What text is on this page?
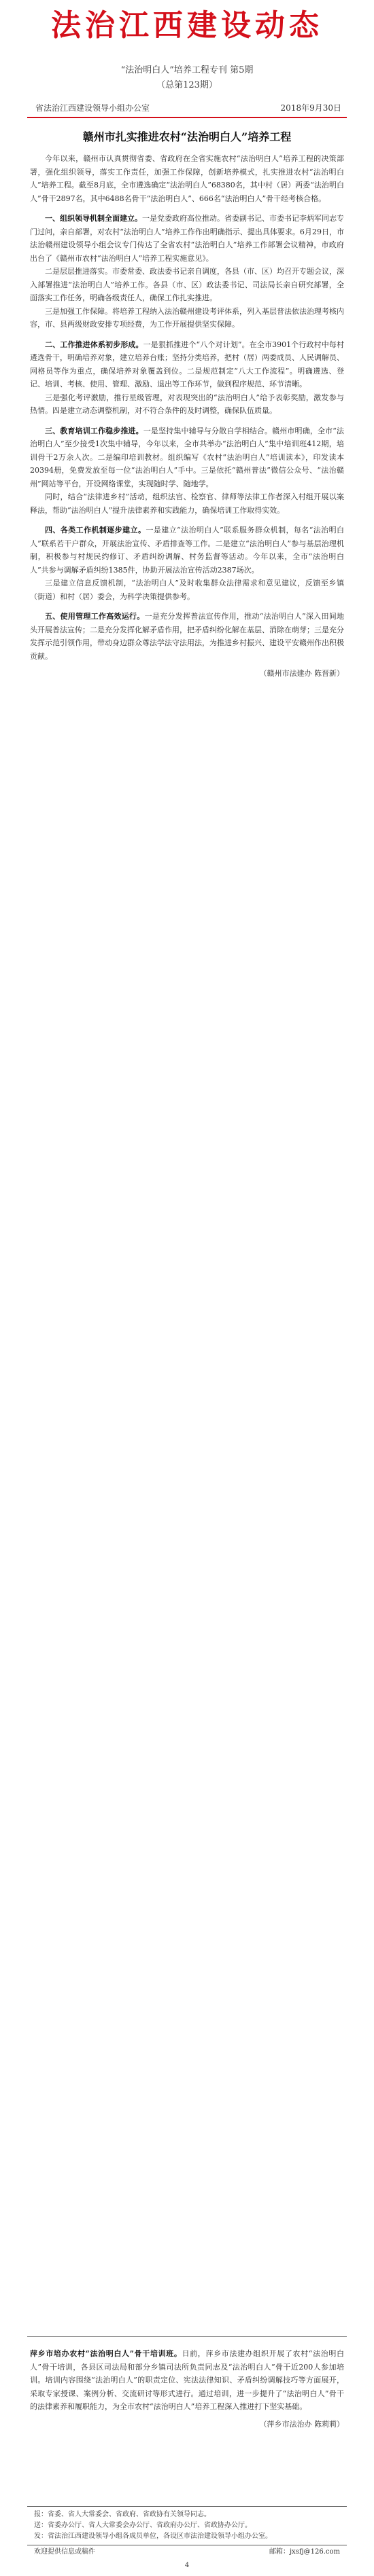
法治江西建设动态
“法治明白人”培养工程专刊 第5期
（总第123期）
省法治江西建设领导小组办公室	2018年9月30日
赣州市扎实推进农村“法治明白人”培养工程

今年以来，赣州市认真贯彻省委、省政府在全省实施农村“法治明白人”培养工程的决策部署，强化组织领导，落实工作责任，加强工作保障，创新培养模式，扎实推进农村“法治明白人”培养工程。截至8月底，全市遴选确定“法治明白人”68380名，其中村（居）两委“法治明白人”骨干2897名，其中6488名骨干“法治明白人”、666名“法治明白人”骨干经考核合格。

一、组织领导机制全面建立。一是党委政府高位推动。省委副书记、市委书记李炳军同志专门过问，亲自部署，对农村“法治明白人”培养工作作出明确指示、提出具体要求。6月29日，市法治赣州建设领导小组会议专门传达了全省农村“法治明白人”培养工作部署会议精神，市政府出台了《赣州市农村“法治明白人”培养工程实施意见》。

二是层层推进落实。市委常委、政法委书记亲自调度，各县（市、区）均召开专题会议，深入部署推进“法治明白人”培养工作。各县（市、区）政法委书记、司法局长亲自研究部署，全面落实工作任务，明确各级责任人，确保工作扎实推进。

三是加强工作保障。将培养工程纳入法治赣州建设考评体系，列入基层普法依法治理考核内容，市、县两级财政安排专项经费，为工作开展提供坚实保障。

二、工作推进体系初步形成。一是狠抓推进个“八个对计划”。在全市3901个行政村中每村遴选骨干，明确培养对象，建立培养台账；坚持分类培养，把村（居）两委成员、人民调解员、网格员等作为重点，确保培养对象覆盖到位。二是规范制定“八大工作流程”。明确遴选、登记、培训、考核、使用、管理、激励、退出等工作环节，做到程序规范、环节清晰。

三是强化考评激励，推行星级管理，对表现突出的“法治明白人”给予表彰奖励，激发参与热情。四是建立动态调整机制，对不符合条件的及时调整，确保队伍质量。

三、教育培训工作稳步推进。一是坚持集中辅导与分散自学相结合。赣州市明确，全市“法治明白人”至少接受1次集中辅导，今年以来，全市共举办“法治明白人”集中培训班412期，培训骨干2万余人次。二是编印培训教材。组织编写《农村“法治明白人”培训读本》，印发读本20394册，免费发放至每一位“法治明白人”手中。三是依托“赣州普法”微信公众号、“法治赣州”网站等平台，开设网络课堂，实现随时学、随地学。

同时，结合“法律进乡村”活动，组织法官、检察官、律师等法律工作者深入村组开展以案释法，帮助“法治明白人”提升法律素养和实践能力，确保培训工作取得实效。

四、各类工作机制逐步建立。一是建立“法治明白人”联系服务群众机制，每名“法治明白人”联系若干户群众，开展法治宣传、矛盾排查等工作。二是建立“法治明白人”参与基层治理机制，积极参与村规民约修订、矛盾纠纷调解、村务监督等活动。今年以来，全市“法治明白人”共参与调解矛盾纠纷1385件，协助开展法治宣传活动2387场次。

三是建立信息反馈机制，“法治明白人”及时收集群众法律需求和意见建议，反馈至乡镇（街道）和村（居）委会，为科学决策提供参考。

五、使用管理工作高效运行。一是充分发挥普法宣传作用，推动“法治明白人”深入田间地头开展普法宣传；二是充分发挥化解矛盾作用，把矛盾纠纷化解在基层、消除在萌芽；三是充分发挥示范引领作用，带动身边群众尊法学法守法用法，为推进乡村振兴、建设平安赣州作出积极贡献。

（赣州市法建办 陈晋新）

萍乡市培办农村“法治明白人”骨干培训班。日前，萍乡市法建办组织开展了农村“法治明白人”骨干培训，各县区司法局和部分乡镇司法所负责同志及“法治明白人”骨干近200人参加培训。培训内容围绕“法治明白人”的职责定位、宪法法律知识、矛盾纠纷调解技巧等方面展开，采取专家授课、案例分析、交流研讨等形式进行。通过培训，进一步提升了“法治明白人”骨干的法律素养和履职能力，为全市农村“法治明白人”培养工程深入推进打下坚实基础。

（萍乡市法治办 陈莉莉）

报：省委、省人大常委会、省政府、省政协有关领导同志。
送：省委办公厅、省人大常委会办公厅、省政府办公厅、省政协办公厅。
发：省法治江西建设领导小组各成员单位，各设区市法治建设领导小组办公室。
欢迎提供信息或稿件	邮箱：jxsfj@126.com
4
